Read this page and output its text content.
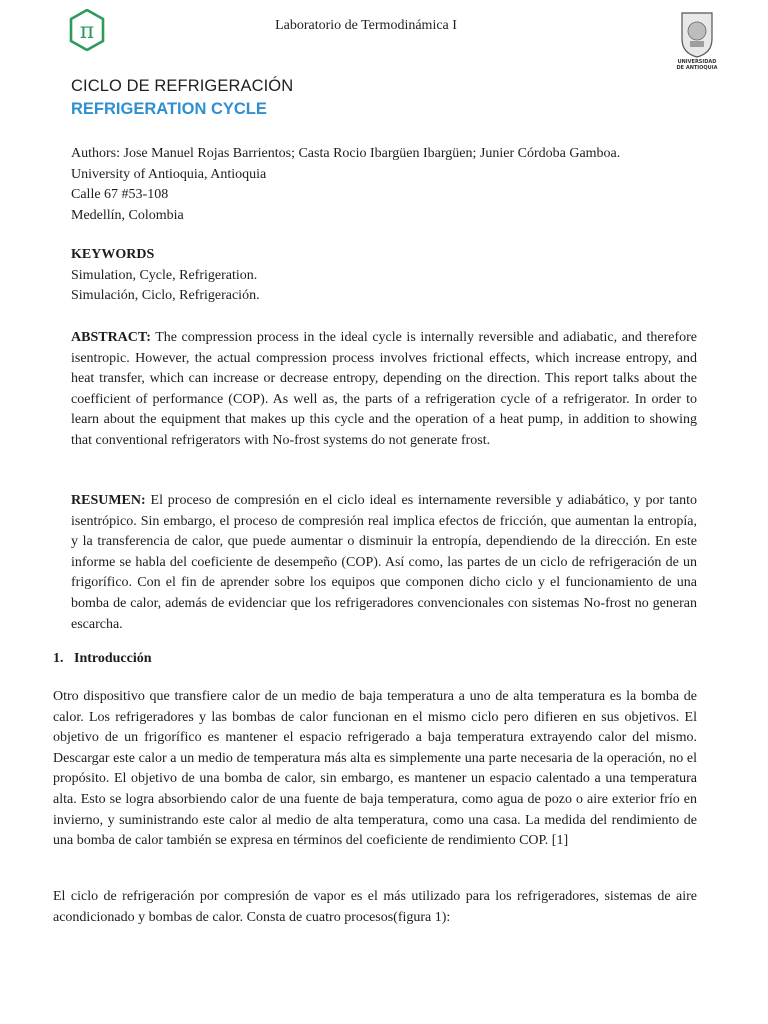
π	Laboratorio de Termodinámica I
UNIVERSIDAD
DE ANTIOQUIA
CICLO DE REFRIGERACIÓN
REFRIGERATION CYCLE
Authors: Jose Manuel Rojas Barrientos; Casta Rocio Ibargüen Ibargüen; Junier Córdoba Gamboa.
University of Antioquia, Antioquia
Calle 67 #53-108
Medellín, Colombia
KEYWORDS
Simulation, Cycle, Refrigeration.
Simulación, Ciclo, Refrigeración.
ABSTRACT: The compression process in the ideal cycle is internally reversible and adiabatic, and therefore isentropic. However, the actual compression process involves frictional effects, which increase entropy, and heat transfer, which can increase or decrease entropy, depending on the direction. This report talks about the coefficient of performance (COP). As well as, the parts of a refrigeration cycle of a refrigerator. In order to learn about the equipment that makes up this cycle and the operation of a heat pump, in addition to showing that conventional refrigerators with No-frost systems do not generate frost.
RESUMEN: El proceso de compresión en el ciclo ideal es internamente reversible y adiabático, y por tanto isentrópico. Sin embargo, el proceso de compresión real implica efectos de fricción, que aumentan la entropía, y la transferencia de calor, que puede aumentar o disminuir la entropía, dependiendo de la dirección. En este informe se habla del coeficiente de desempeño (COP). Así como, las partes de un ciclo de refrigeración de un frigorífico. Con el fin de aprender sobre los equipos que componen dicho ciclo y el funcionamiento de una bomba de calor, además de evidenciar que los refrigeradores convencionales con sistemas No-frost no generan escarcha.
1.   Introducción
Otro dispositivo que transfiere calor de un medio de baja temperatura a uno de alta temperatura es la bomba de calor. Los refrigeradores y las bombas de calor funcionan en el mismo ciclo pero difieren en sus objetivos. El objetivo de un frigorífico es mantener el espacio refrigerado a baja temperatura extrayendo calor del mismo. Descargar este calor a un medio de temperatura más alta es simplemente una parte necesaria de la operación, no el propósito. El objetivo de una bomba de calor, sin embargo, es mantener un espacio calentado a una temperatura alta. Esto se logra absorbiendo calor de una fuente de baja temperatura, como agua de pozo o aire exterior frío en invierno, y suministrando este calor al medio de alta temperatura, como una casa. La medida del rendimiento de una bomba de calor también se expresa en términos del coeficiente de rendimiento COP. [1]
El ciclo de refrigeración por compresión de vapor es el más utilizado para los refrigeradores, sistemas de aire acondicionado y bombas de calor. Consta de cuatro procesos(figura 1):
